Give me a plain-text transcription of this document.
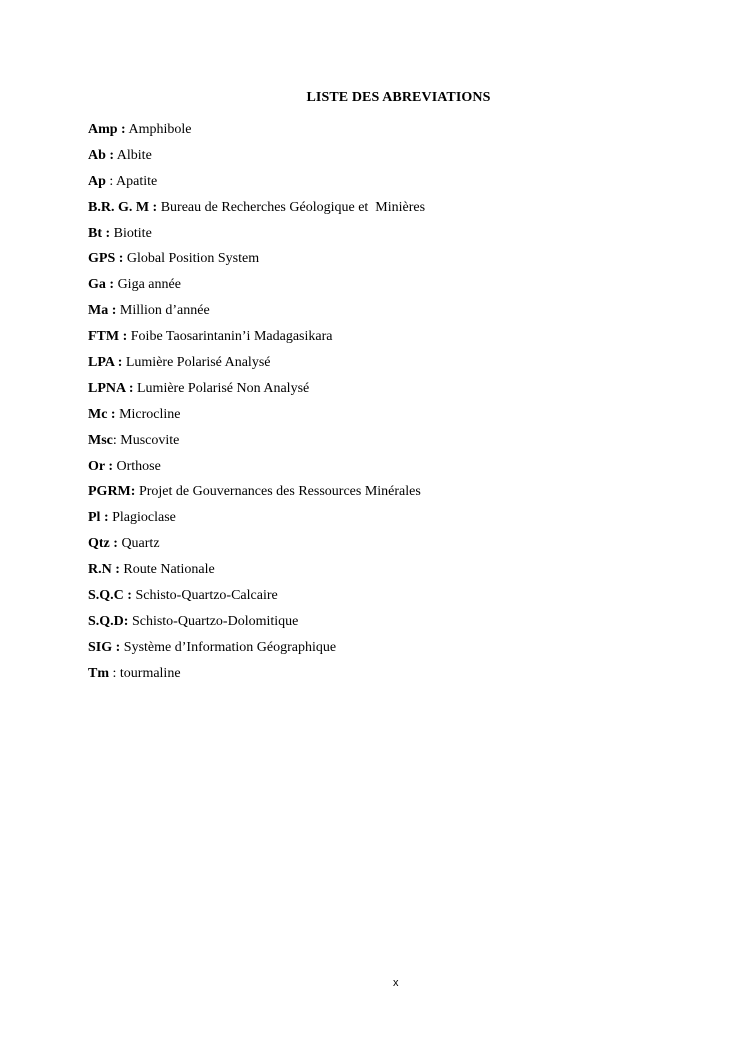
LISTE DES ABREVIATIONS
Amp : Amphibole
Ab : Albite
Ap : Apatite
B.R. G. M : Bureau de Recherches Géologique et  Minières
Bt : Biotite
GPS : Global Position System
Ga : Giga année
Ma : Million d’année
FTM : Foibe Taosarintanin’i Madagasikara
LPA : Lumière Polarisé Analysé
LPNA : Lumière Polarisé Non Analysé
Mc : Microcline
Msc: Muscovite
Or : Orthose
PGRM: Projet de Gouvernances des Ressources Minérales
Pl : Plagioclase
Qtz : Quartz
R.N : Route Nationale
S.Q.C : Schisto-Quartzo-Calcaire
S.Q.D: Schisto-Quartzo-Dolomitique
SIG : Système d’Information Géographique
Tm : tourmaline
x
